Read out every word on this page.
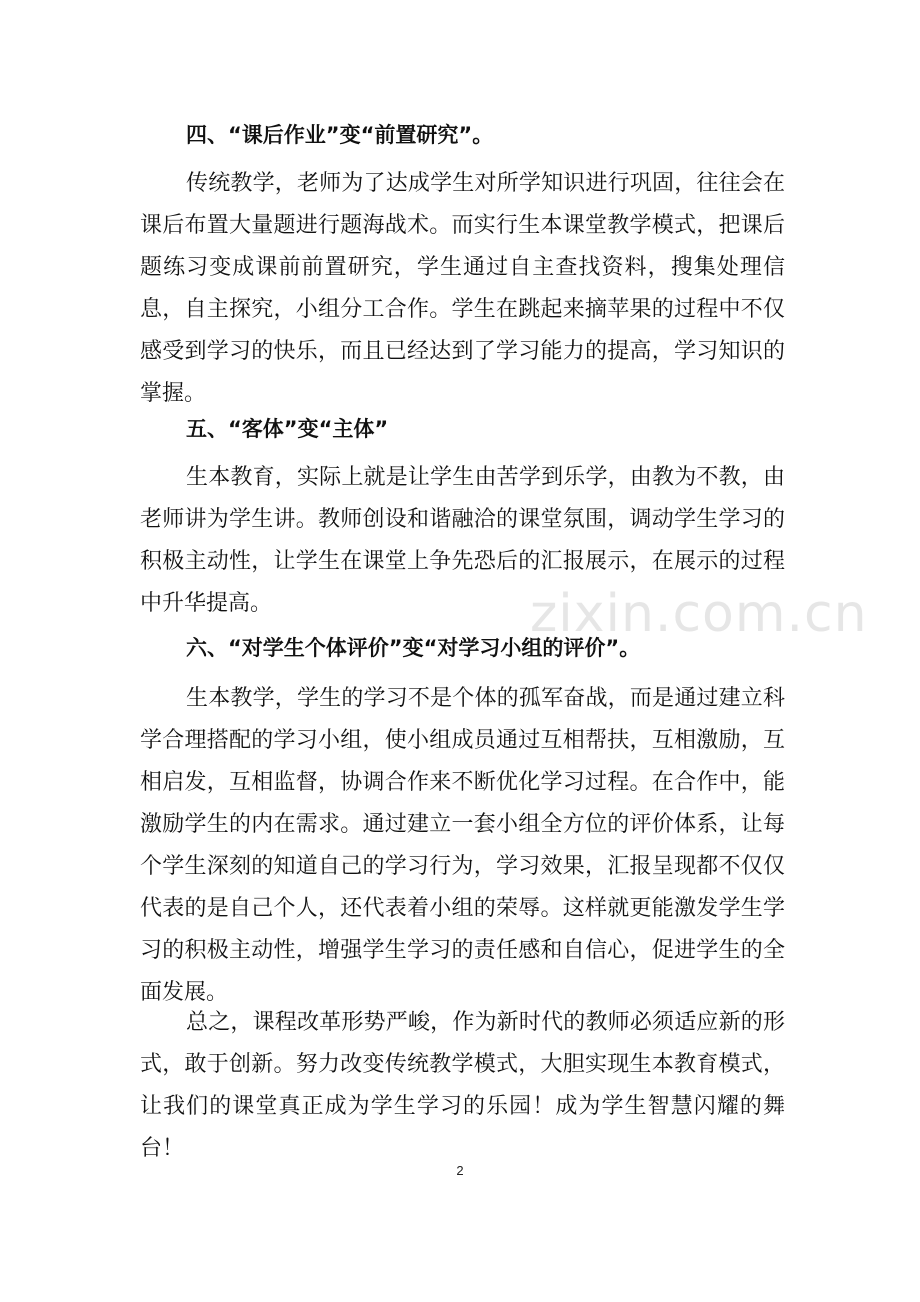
四、“课后作业”变“前置研究”。
传统教学，老师为了达成学生对所学知识进行巩固，往往会在课后布置大量题进行题海战术。而实行生本课堂教学模式，把课后题练习变成课前前置研究，学生通过自主查找资料，搜集处理信息，自主探究，小组分工合作。学生在跳起来摘苹果的过程中不仅感受到学习的快乐，而且已经达到了学习能力的提高，学习知识的掌握。
五、“客体”变“主体”
生本教育，实际上就是让学生由苦学到乐学，由教为不教，由老师讲为学生讲。教师创设和谐融洽的课堂氛围，调动学生学习的积极主动性，让学生在课堂上争先恐后的汇报展示，在展示的过程中升华提高。	zixin.com.cn
六、“对学生个体评价”变“对学习小组的评价”。
生本教学，学生的学习不是个体的孤军奋战，而是通过建立科学合理搭配的学习小组，使小组成员通过互相帮扶，互相激励，互相启发，互相监督，协调合作来不断优化学习过程。在合作中，能激励学生的内在需求。通过建立一套小组全方位的评价体系，让每个学生深刻的知道自己的学习行为，学习效果，汇报呈现都不仅仅代表的是自己个人，还代表着小组的荣辱。这样就更能激发学生学习的积极主动性，增强学生学习的责任感和自信心，促进学生的全面发展。
总之，课程改革形势严峻，作为新时代的教师必须适应新的形式，敢于创新。努力改变传统教学模式，大胆实现生本教育模式，让我们的课堂真正成为学生学习的乐园！成为学生智慧闪耀的舞台！
2
